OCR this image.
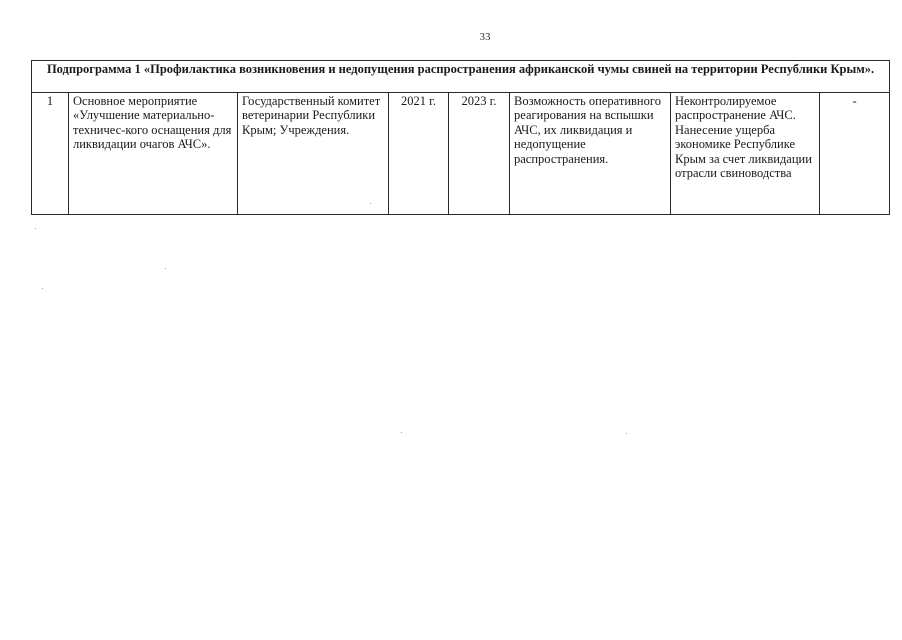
33
Подпрограмма 1 «Профилактика возникновения и недопущения распространения африканской чумы свиней на территории Республики Крым».
1	Основное мероприятие «Улучшение материально-техничес-кого оснащения для ликвидации очагов АЧС».	Государственный комитет ветеринарии Республики Крым; Учреждения.	2021 г.	2023 г.	Возможность оперативного реагирования на вспышки АЧС, их ликвидация и недопущение распространения.	Неконтролируемое распространение АЧС. Нанесение ущерба экономике Республике Крым за счет ликвидации отрасли свиноводства	-
